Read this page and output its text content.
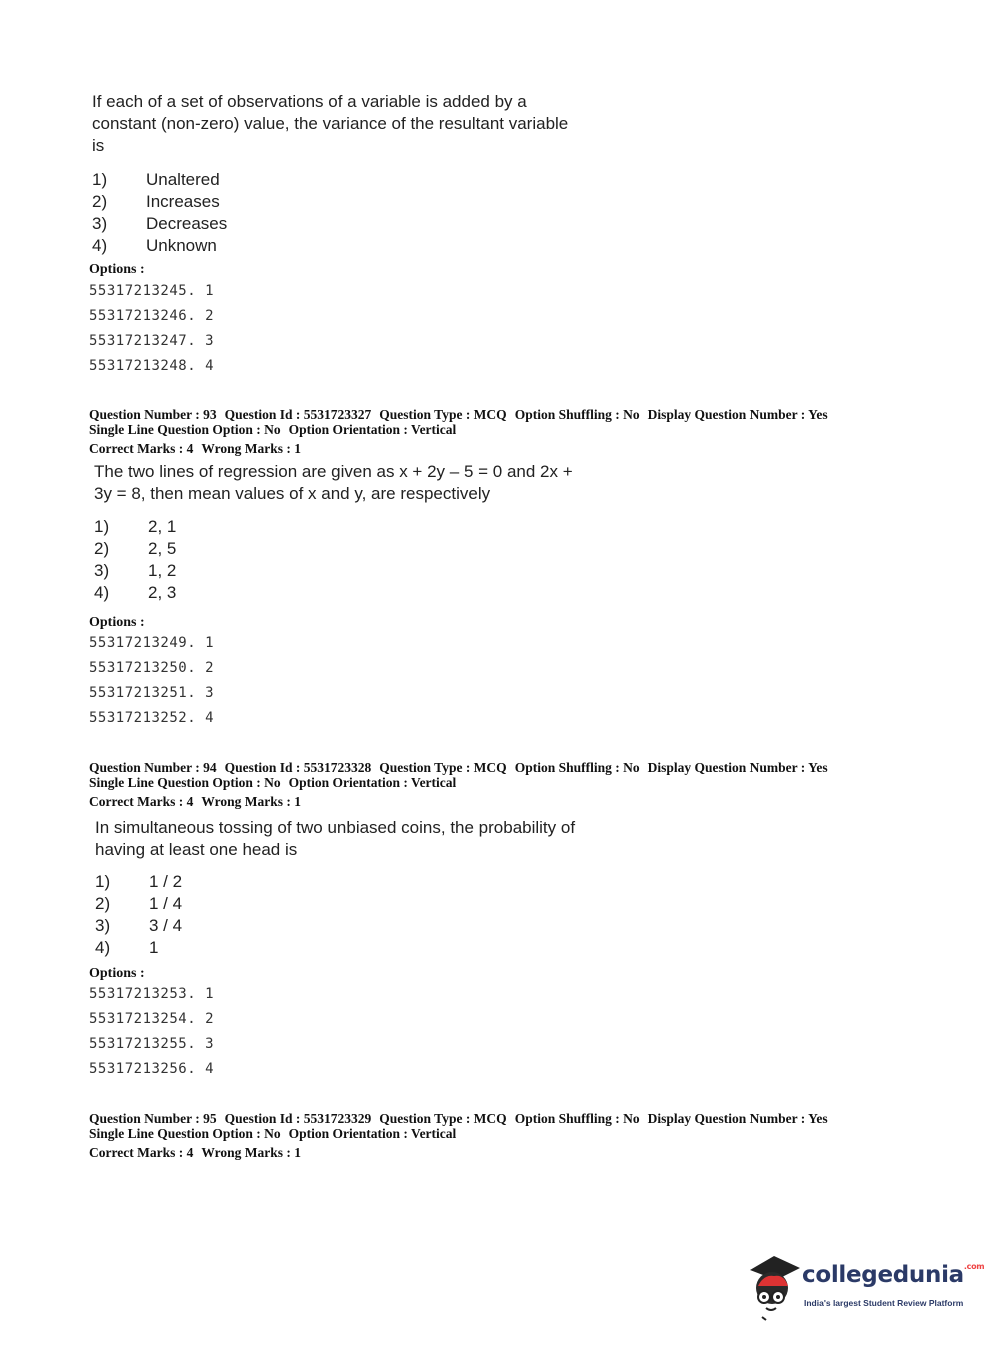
If each of a set of observations of a variable is added by a
constant (non-zero) value, the variance of the resultant variable
is

1)	Unaltered
2)	Increases
3)	Decreases
4)	Unknown
Options :
55317213245. 1
55317213246. 2
55317213247. 3
55317213248. 4
Question Number : 93 Question Id : 5531723327 Question Type : MCQ Option Shuffling : No Display Question Number : Yes
Single Line Question Option : No Option Orientation : Vertical
Correct Marks : 4 Wrong Marks : 1

The two lines of regression are given as x + 2y – 5 = 0 and 2x +
3y = 8, then mean values of x and y, are respectively

1)	2, 1
2)	2, 5
3)	1, 2
4)	2, 3
Options :
55317213249. 1
55317213250. 2
55317213251. 3
55317213252. 4
Question Number : 94 Question Id : 5531723328 Question Type : MCQ Option Shuffling : No Display Question Number : Yes
Single Line Question Option : No Option Orientation : Vertical
Correct Marks : 4 Wrong Marks : 1

In simultaneous tossing of two unbiased coins, the probability of
having at least one head is

1)	1 / 2
2)	1 / 4
3)	3 / 4
4)	1
Options :
55317213253. 1
55317213254. 2
55317213255. 3
55317213256. 4
Question Number : 95 Question Id : 5531723329 Question Type : MCQ Option Shuffling : No Display Question Number : Yes
Single Line Question Option : No Option Orientation : Vertical
Correct Marks : 4 Wrong Marks : 1
collegedunia$^{.com}$
India's largest Student Review Platform
